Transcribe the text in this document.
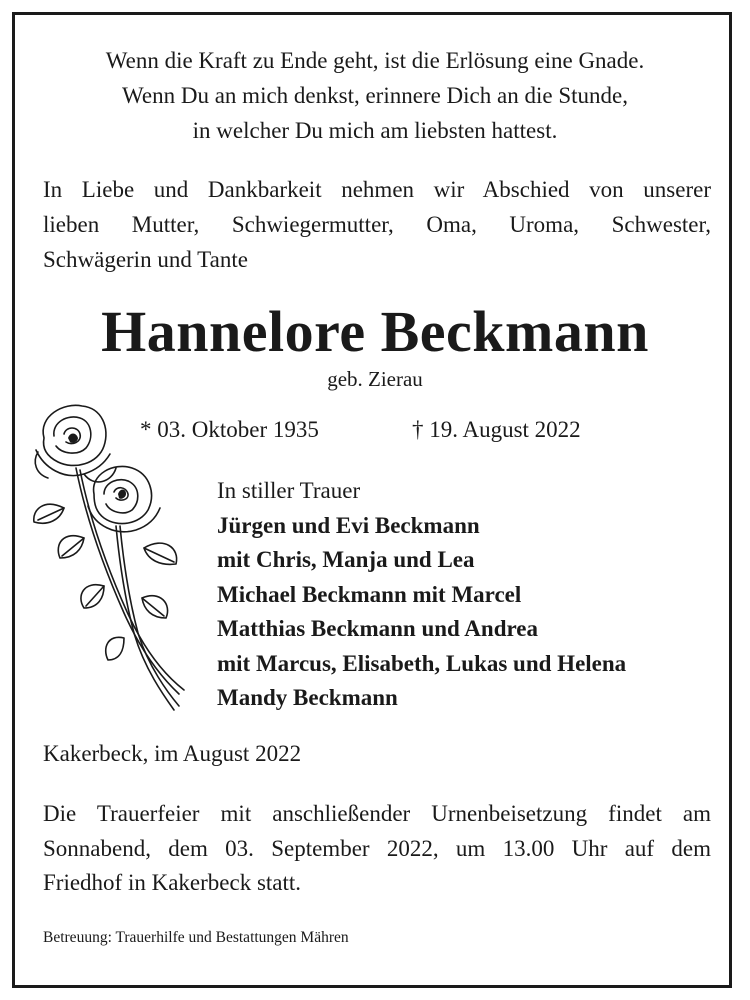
Wenn die Kraft zu Ende geht, ist die Erlösung eine Gnade.
Wenn Du an mich denkst, erinnere Dich an die Stunde,
in welcher Du mich am liebsten hattest.
In Liebe und Dankbarkeit nehmen wir Abschied von unserer
lieben Mutter, Schwiegermutter, Oma, Uroma, Schwester,
Schwägerin und Tante
Hannelore Beckmann
geb. Zierau
* 03. Oktober 1935	† 19. August 2022
In stiller Trauer
Jürgen und Evi Beckmann
mit Chris, Manja und Lea
Michael Beckmann mit Marcel
Matthias Beckmann und Andrea
mit Marcus, Elisabeth, Lukas und Helena
Mandy Beckmann
Kakerbeck, im August 2022
Die Trauerfeier mit anschließender Urnenbeisetzung findet am
Sonnabend, dem 03. September 2022, um 13.00 Uhr auf dem
Friedhof in Kakerbeck statt.
Betreuung: Trauerhilfe und Bestattungen Mähren
